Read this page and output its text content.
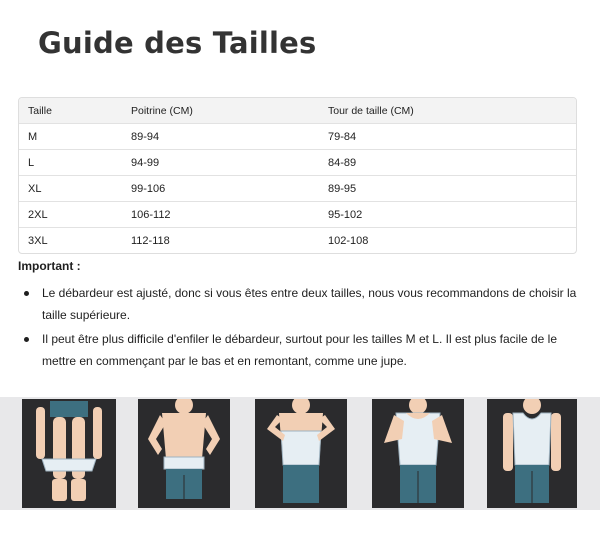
Guide des Tailles
Taille	Poitrine (CM)	Tour de taille (CM)
M	89-94	79-84
L	94-99	84-89
XL	99-106	89-95
2XL	106-112	95-102
3XL	112-118	102-108

Important :

Le débardeur est ajusté, donc si vous êtes entre deux tailles, nous vous recommandons de choisir la taille supérieure.
Il peut être plus difficile d'enfiler le débardeur, surtout pour les tailles M et L. Il est plus facile de le mettre en commençant par le bas et en remontant, comme une jupe.
